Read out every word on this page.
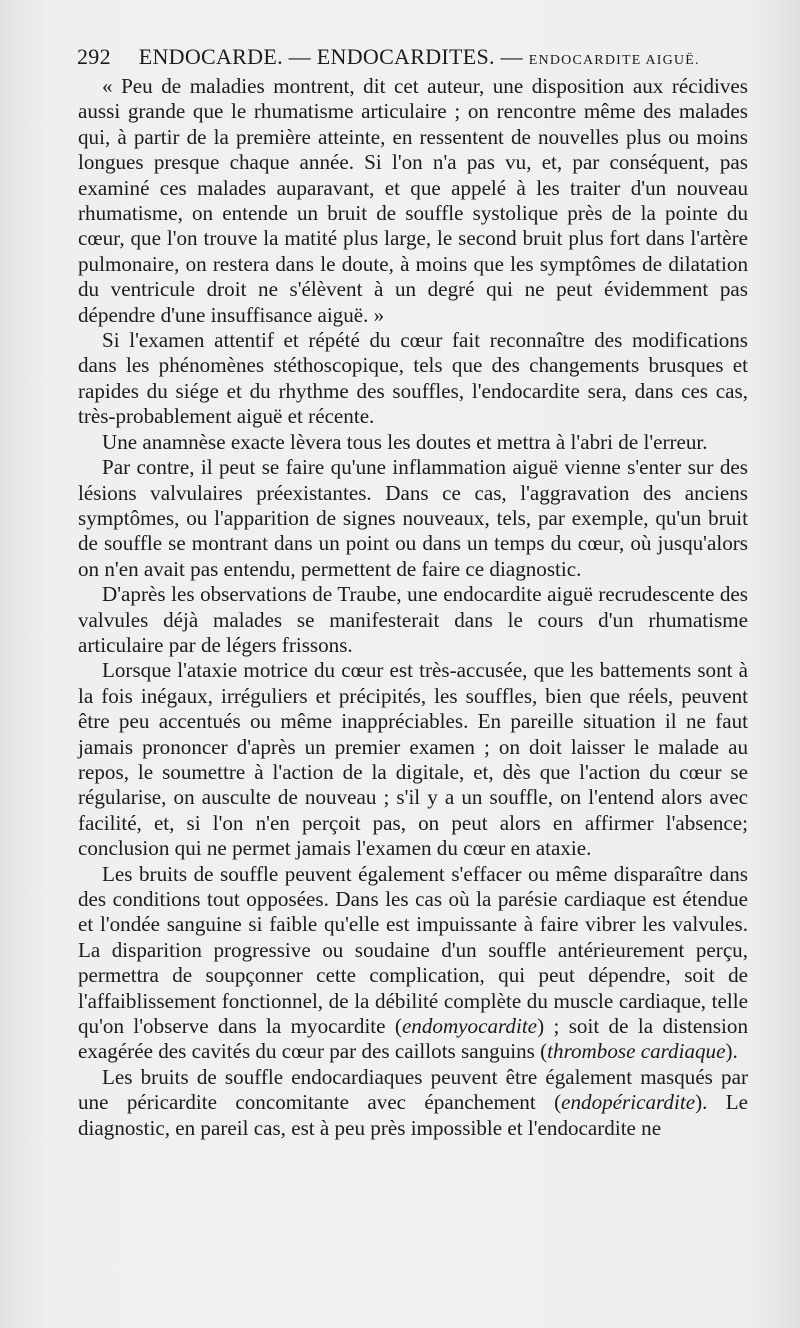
292 ENDOCARDE. — ENDOCARDITES. — ENDOCARDITE AIGUË.

« Peu de maladies montrent, dit cet auteur, une disposition aux récidives aussi grande que le rhumatisme articulaire ; on rencontre même des malades qui, à partir de la première atteinte, en ressentent de nouvelles plus ou moins longues presque chaque année. Si l'on n'a pas vu, et, par conséquent, pas examiné ces malades auparavant, et que appelé à les traiter d'un nouveau rhumatisme, on entende un bruit de souffle systolique près de la pointe du cœur, que l'on trouve la matité plus large, le second bruit plus fort dans l'artère pulmonaire, on restera dans le doute, à moins que les symptômes de dilatation du ventricule droit ne s'élèvent à un degré qui ne peut évidemment pas dépendre d'une insuffisance aiguë. »

Si l'examen attentif et répété du cœur fait reconnaître des modifications dans les phénomènes stéthoscopique, tels que des changements brusques et rapides du siége et du rhythme des souffles, l'endocardite sera, dans ces cas, très-probablement aiguë et récente.

Une anamnèse exacte lèvera tous les doutes et mettra à l'abri de l'erreur.

Par contre, il peut se faire qu'une inflammation aiguë vienne s'enter sur des lésions valvulaires préexistantes. Dans ce cas, l'aggravation des anciens symptômes, ou l'apparition de signes nouveaux, tels, par exemple, qu'un bruit de souffle se montrant dans un point ou dans un temps du cœur, où jusqu'alors on n'en avait pas entendu, permettent de faire ce diagnostic.

D'après les observations de Traube, une endocardite aiguë recrudescente des valvules déjà malades se manifesterait dans le cours d'un rhumatisme articulaire par de légers frissons.

Lorsque l'ataxie motrice du cœur est très-accusée, que les battements sont à la fois inégaux, irréguliers et précipités, les souffles, bien que réels, peuvent être peu accentués ou même inappréciables. En pareille situation il ne faut jamais prononcer d'après un premier examen ; on doit laisser le malade au repos, le soumettre à l'action de la digitale, et, dès que l'action du cœur se régularise, on ausculte de nouveau ; s'il y a un souffle, on l'entend alors avec facilité, et, si l'on n'en perçoit pas, on peut alors en affirmer l'absence; conclusion qui ne permet jamais l'examen du cœur en ataxie.

Les bruits de souffle peuvent également s'effacer ou même disparaître dans des conditions tout opposées. Dans les cas où la parésie cardiaque est étendue et l'ondée sanguine si faible qu'elle est impuissante à faire vibrer les valvules. La disparition progressive ou soudaine d'un souffle antérieurement perçu, permettra de soupçonner cette complication, qui peut dépendre, soit de l'affaiblissement fonctionnel, de la débilité complète du muscle cardiaque, telle qu'on l'observe dans la myocardite (endomyocardite) ; soit de la distension exagérée des cavités du cœur par des caillots sanguins (thrombose cardiaque).

Les bruits de souffle endocardiaques peuvent être également masqués par une péricardite concomitante avec épanchement (endopéricardite). Le diagnostic, en pareil cas, est à peu près impossible et l'endocardite ne
